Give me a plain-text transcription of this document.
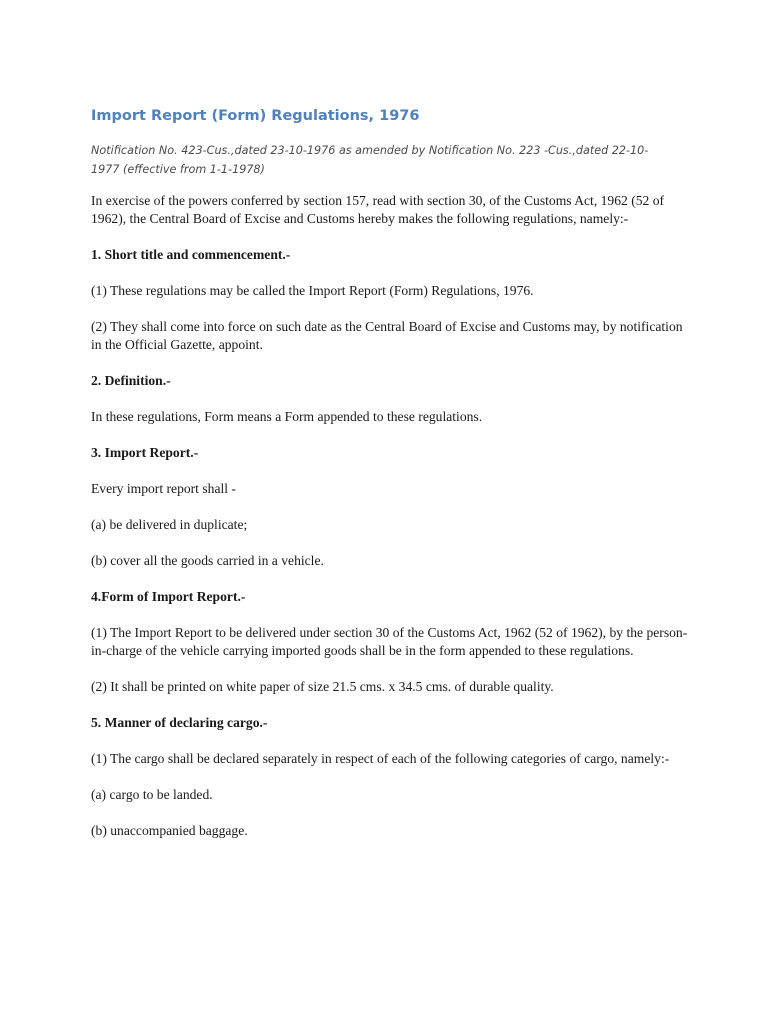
Import Report (Form) Regulations, 1976
Notification No. 423-Cus.,dated 23-10-1976 as amended by Notification No. 223 -Cus.,dated 22-10-1977 (effective from 1-1-1978)
In exercise of the powers conferred by section 157, read with section 30, of the Customs Act, 1962 (52 of 1962), the Central Board of Excise and Customs hereby makes the following regulations, namely:-
1. Short title and commencement.-
(1) These regulations may be called the Import Report (Form) Regulations, 1976.
(2) They shall come into force on such date as the Central Board of Excise and Customs may, by notification in the Official Gazette, appoint.
2. Definition.-
In these regulations, Form means a Form appended to these regulations.
3. Import Report.-
Every import report shall -
(a) be delivered in duplicate;
(b) cover all the goods carried in a vehicle.
4.Form of Import Report.-
(1) The Import Report to be delivered under section 30 of the Customs Act, 1962 (52 of 1962), by the person-in-charge of the vehicle carrying imported goods shall be in the form appended to these regulations.
(2) It shall be printed on white paper of size 21.5 cms. x 34.5 cms. of durable quality.
5. Manner of declaring cargo.-
(1) The cargo shall be declared separately in respect of each of the following categories of cargo, namely:-
(a) cargo to be landed.
(b) unaccompanied baggage.
